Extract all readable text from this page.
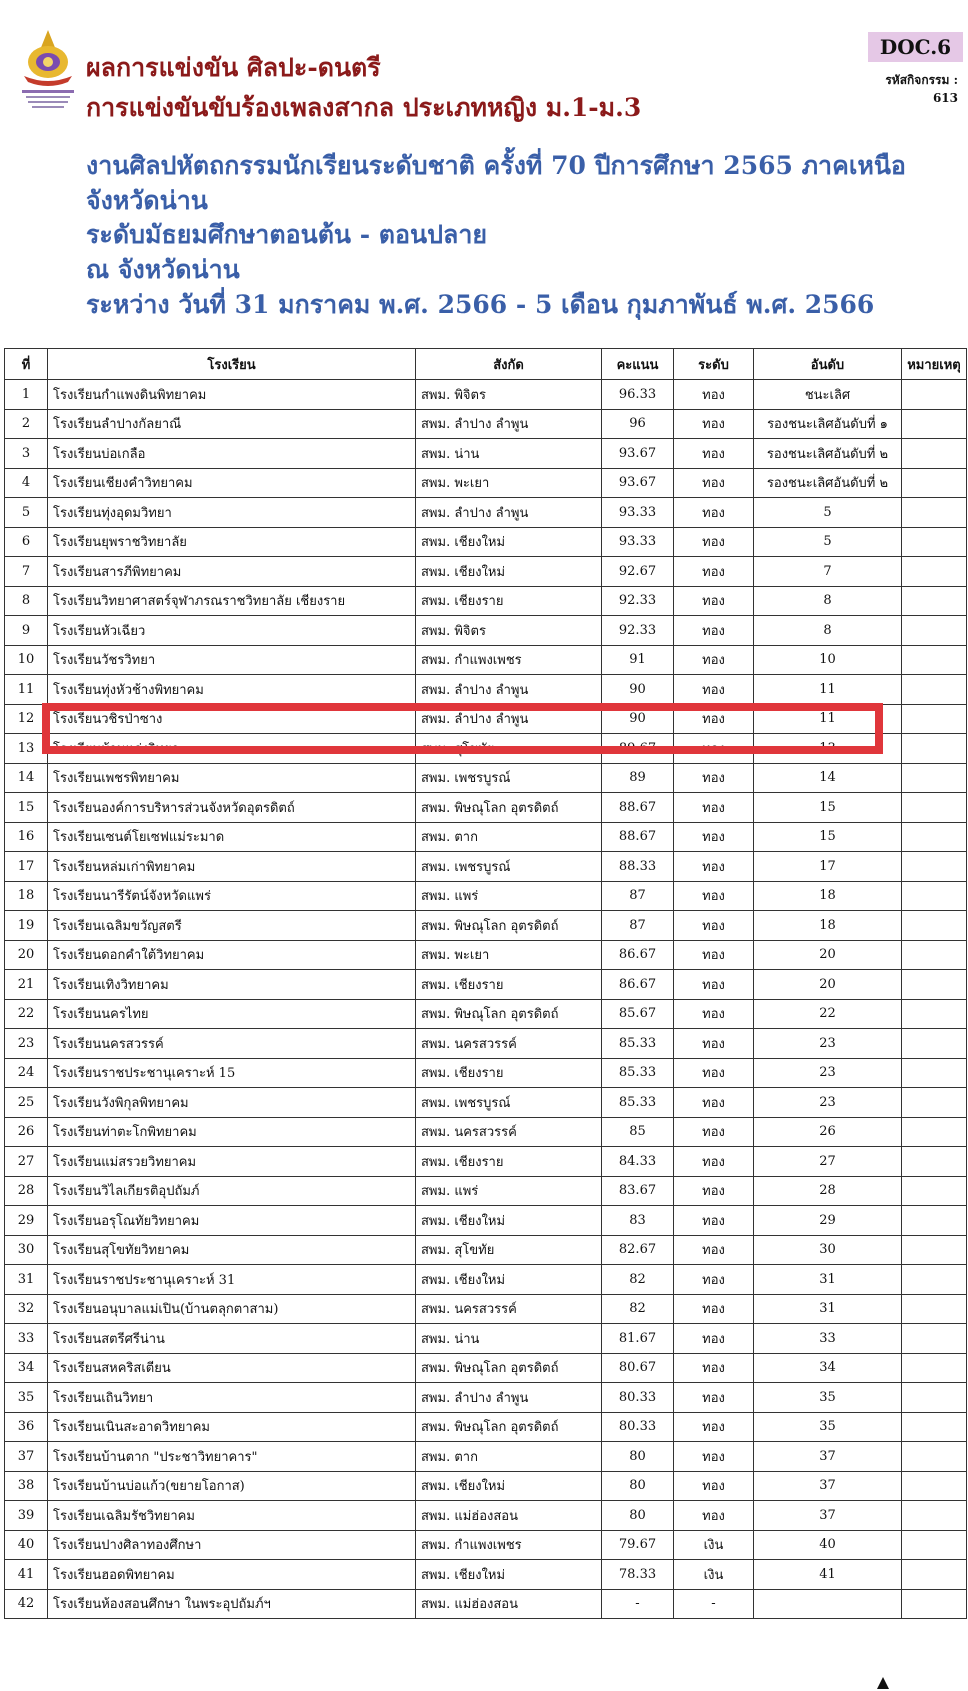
ผลการแข่งขัน ศิลปะ-ดนตรี
การแข่งขันขับร้องเพลงสากล ประเภทหญิง ม.1-ม.3
DOC.6
รหัสกิจกรรม :
613
งานศิลปหัตถกรรมนักเรียนระดับชาติ ครั้งที่ 70 ปีการศึกษา 2565 ภาคเหนือ
จังหวัดน่าน
ระดับมัธยมศึกษาตอนต้น - ตอนปลาย
ณ จังหวัดน่าน
ระหว่าง วันที่ 31 มกราคม พ.ศ. 2566 - 5 เดือน กุมภาพันธ์ พ.ศ. 2566
ที่	โรงเรียน	สังกัด	คะแนน	ระดับ	อันดับ	หมายเหตุ
1	โรงเรียนกำแพงดินพิทยาคม	สพม. พิจิตร	96.33	ทอง	ชนะเลิศ	
2	โรงเรียนลำปางกัลยาณี	สพม. ลำปาง ลำพูน	96	ทอง	รองชนะเลิศอันดับที่ ๑	
3	โรงเรียนบ่อเกลือ	สพม. น่าน	93.67	ทอง	รองชนะเลิศอันดับที่ ๒	
4	โรงเรียนเชียงคำวิทยาคม	สพม. พะเยา	93.67	ทอง	รองชนะเลิศอันดับที่ ๒	
5	โรงเรียนทุ่งอุดมวิทยา	สพม. ลำปาง ลำพูน	93.33	ทอง	5	
6	โรงเรียนยุพราชวิทยาลัย	สพม. เชียงใหม่	93.33	ทอง	5	
7	โรงเรียนสารภีพิทยาคม	สพม. เชียงใหม่	92.67	ทอง	7	
8	โรงเรียนวิทยาศาสตร์จุฬาภรณราชวิทยาลัย เชียงราย	สพม. เชียงราย	92.33	ทอง	8	
9	โรงเรียนหัวเฉียว	สพม. พิจิตร	92.33	ทอง	8	
10	โรงเรียนวัชรวิทยา	สพม. กำแพงเพชร	91	ทอง	10	
11	โรงเรียนทุ่งหัวช้างพิทยาคม	สพม. ลำปาง ลำพูน	90	ทอง	11	
12	โรงเรียนวชิรป่าซาง	สพม. ลำปาง ลำพูน	90	ทอง	11	
13	โรงเรียนบ้านแก่งวิทยา	สพม. สุโขทัย	89.67	ทอง	13	
14	โรงเรียนเพชรพิทยาคม	สพม. เพชรบูรณ์	89	ทอง	14	
15	โรงเรียนองค์การบริหารส่วนจังหวัดอุตรดิตถ์	สพม. พิษณุโลก อุตรดิตถ์	88.67	ทอง	15	
16	โรงเรียนเซนต์โยเซฟแม่ระมาด	สพม. ตาก	88.67	ทอง	15	
17	โรงเรียนหล่มเก่าพิทยาคม	สพม. เพชรบูรณ์	88.33	ทอง	17	
18	โรงเรียนนารีรัตน์จังหวัดแพร่	สพม. แพร่	87	ทอง	18	
19	โรงเรียนเฉลิมขวัญสตรี	สพม. พิษณุโลก อุตรดิตถ์	87	ทอง	18	
20	โรงเรียนดอกคำใต้วิทยาคม	สพม. พะเยา	86.67	ทอง	20	
21	โรงเรียนเทิงวิทยาคม	สพม. เชียงราย	86.67	ทอง	20	
22	โรงเรียนนครไทย	สพม. พิษณุโลก อุตรดิตถ์	85.67	ทอง	22	
23	โรงเรียนนครสวรรค์	สพม. นครสวรรค์	85.33	ทอง	23	
24	โรงเรียนราชประชานุเคราะห์ 15	สพม. เชียงราย	85.33	ทอง	23	
25	โรงเรียนวังพิกุลพิทยาคม	สพม. เพชรบูรณ์	85.33	ทอง	23	
26	โรงเรียนท่าตะโกพิทยาคม	สพม. นครสวรรค์	85	ทอง	26	
27	โรงเรียนแม่สรวยวิทยาคม	สพม. เชียงราย	84.33	ทอง	27	
28	โรงเรียนวิไลเกียรติอุปถัมภ์	สพม. แพร่	83.67	ทอง	28	
29	โรงเรียนอรุโณทัยวิทยาคม	สพม. เชียงใหม่	83	ทอง	29	
30	โรงเรียนสุโขทัยวิทยาคม	สพม. สุโขทัย	82.67	ทอง	30	
31	โรงเรียนราชประชานุเคราะห์ 31	สพม. เชียงใหม่	82	ทอง	31	
32	โรงเรียนอนุบาลแม่เปิน(บ้านตลุกตาสาม)	สพม. นครสวรรค์	82	ทอง	31	
33	โรงเรียนสตรีศรีน่าน	สพม. น่าน	81.67	ทอง	33	
34	โรงเรียนสหคริสเตียน	สพม. พิษณุโลก อุตรดิตถ์	80.67	ทอง	34	
35	โรงเรียนเถินวิทยา	สพม. ลำปาง ลำพูน	80.33	ทอง	35	
36	โรงเรียนเนินสะอาดวิทยาคม	สพม. พิษณุโลก อุตรดิตถ์	80.33	ทอง	35	
37	โรงเรียนบ้านตาก "ประชาวิทยาคาร"	สพม. ตาก	80	ทอง	37	
38	โรงเรียนบ้านบ่อแก้ว(ขยายโอกาส)	สพม. เชียงใหม่	80	ทอง	37	
39	โรงเรียนเฉลิมรัชวิทยาคม	สพม. แม่ฮ่องสอน	80	ทอง	37	
40	โรงเรียนปางศิลาทองศึกษา	สพม. กำแพงเพชร	79.67	เงิน	40	
41	โรงเรียนฮอดพิทยาคม	สพม. เชียงใหม่	78.33	เงิน	41	
42	โรงเรียนห้องสอนศึกษา ในพระอุปถัมภ์ฯ	สพม. แม่ฮ่องสอน	-	-		
